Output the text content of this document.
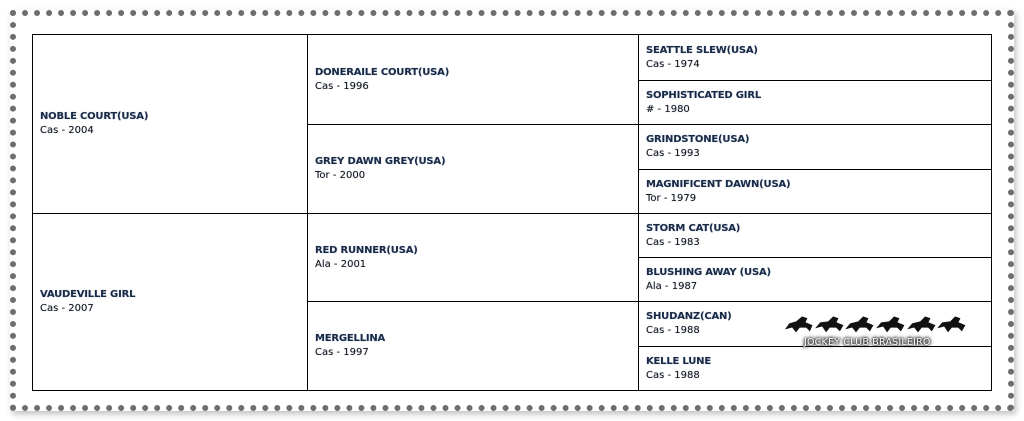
NOBLE COURT(USA)
Cas - 2004
VAUDEVILLE GIRL
Cas - 2007
DONERAILE COURT(USA)
Cas - 1996
GREY DAWN GREY(USA)
Tor - 2000
RED RUNNER(USA)
Ala - 2001
MERGELLINA
Cas - 1997
SEATTLE SLEW(USA)
Cas - 1974
SOPHISTICATED GIRL
# - 1980
GRINDSTONE(USA)
Cas - 1993
MAGNIFICENT DAWN(USA)
Tor - 1979
STORM CAT(USA)
Cas - 1983
BLUSHING AWAY (USA)
Ala - 1987
SHUDANZ(CAN)
Cas - 1988
KELLE LUNE
Cas - 1988
JOCKEY CLUB BRASILEIRO
